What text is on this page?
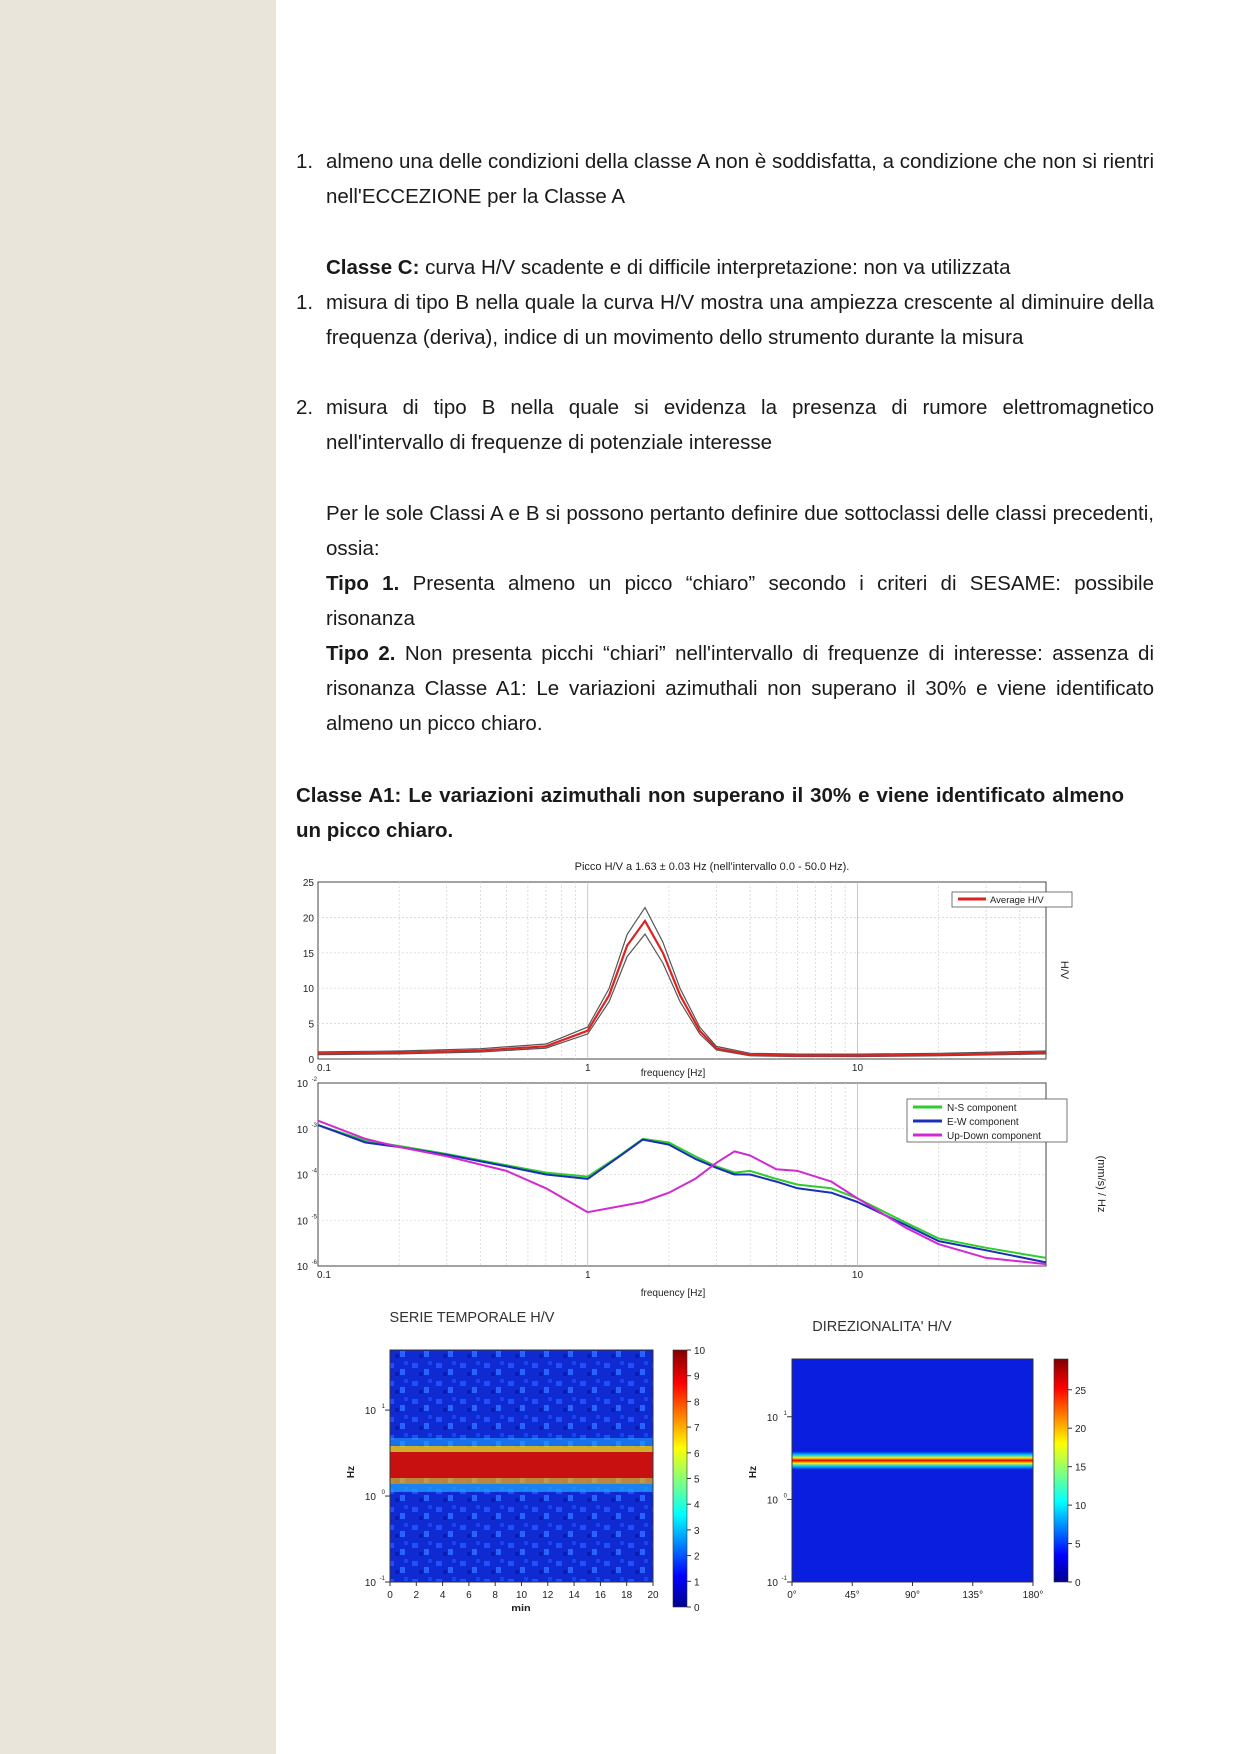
1. almeno una delle condizioni della classe A non è soddisfatta, a condizione che non si rientri nell'ECCEZIONE per la Classe A
Classe C: curva H/V scadente e di difficile interpretazione: non va utilizzata
1. misura di tipo B nella quale la curva H/V mostra una ampiezza crescente al diminuire della frequenza (deriva), indice di un movimento dello strumento durante la misura
2. misura di tipo B nella quale si evidenza la presenza di rumore elettromagnetico nell'intervallo di frequenze di potenziale interesse
Per le sole Classi A e B si possono pertanto definire due sottoclassi delle classi precedenti, ossia:
Tipo 1. Presenta almeno un picco “chiaro” secondo i criteri di SESAME: possibile risonanza
Tipo 2. Non presenta picchi “chiari” nell'intervallo di frequenze di interesse: assenza di risonanza Classe A1: Le variazioni azimuthali non superano il 30% e viene identificato almeno un picco chiaro.
Classe A1: Le variazioni azimuthali non superano il 30% e viene identificato almeno un picco chiaro.
Picco H/V a 1.63 ± 0.03 Hz (nell'intervallo 0.0 - 50.0 Hz).
0
5
10
15
20
25
0.1	1	10
frequency [Hz]
H/V
Average H/V
10 -6
10 -5
10 -4
10 -3
10 -2
0.1	1	10
frequency [Hz]
(mm/s) / Hz
N-S component
E-W component
Up-Down component
SERIE TEMPORALE H/V
0 2 4 6 8 10 12 14 16 18 20
10 -1
10 0
10 1
min
Hz
0
1
2
3
4
5
6
7
8
9
10
DIREZIONALITA' H/V
0°	45°	90°	135°	180°
10 -1
10 0
10 1
Hz
0
5
10
15
20
25
